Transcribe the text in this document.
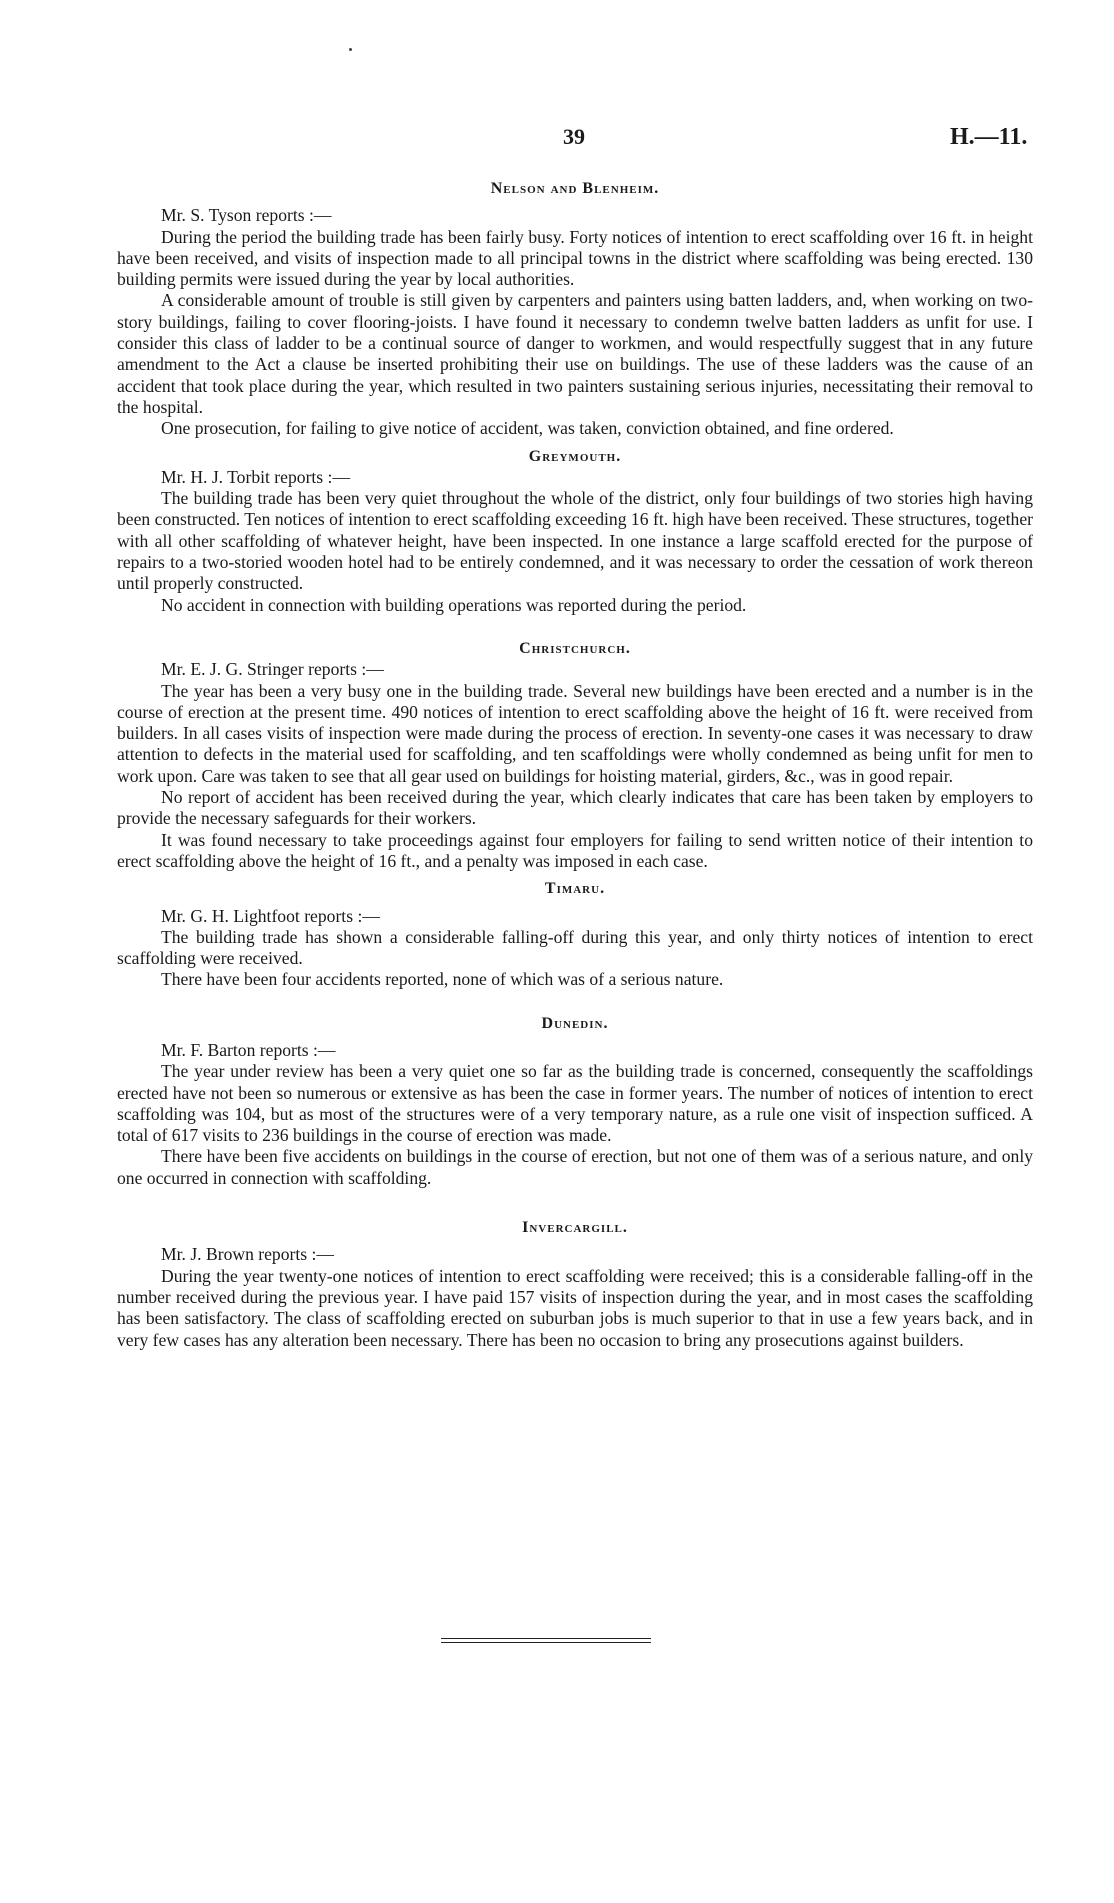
39	H.—11.
Nelson and Blenheim.

Mr. S. Tyson reports :—

During the period the building trade has been fairly busy. Forty notices of intention to erect scaffolding over 16 ft. in height have been received, and visits of inspection made to all principal towns in the district where scaffolding was being erected. 130 building permits were issued during the year by local authorities.

A considerable amount of trouble is still given by carpenters and painters using batten ladders, and, when working on two-story buildings, failing to cover flooring-joists. I have found it necessary to condemn twelve batten ladders as unfit for use. I consider this class of ladder to be a continual source of danger to workmen, and would respectfully suggest that in any future amendment to the Act a clause be inserted prohibiting their use on buildings. The use of these ladders was the cause of an accident that took place during the year, which resulted in two painters sustaining serious injuries, necessitating their removal to the hospital.

One prosecution, for failing to give notice of accident, was taken, conviction obtained, and fine ordered.

Greymouth.

Mr. H. J. Torbit reports :—

The building trade has been very quiet throughout the whole of the district, only four buildings of two stories high having been constructed. Ten notices of intention to erect scaffolding exceeding 16 ft. high have been received. These structures, together with all other scaffolding of whatever height, have been inspected. In one instance a large scaffold erected for the purpose of repairs to a two-storied wooden hotel had to be entirely condemned, and it was necessary to order the cessation of work thereon until properly constructed.

No accident in connection with building operations was reported during the period.

Christchurch.

Mr. E. J. G. Stringer reports :—

The year has been a very busy one in the building trade. Several new buildings have been erected and a number is in the course of erection at the present time. 490 notices of intention to erect scaffolding above the height of 16 ft. were received from builders. In all cases visits of inspection were made during the process of erection. In seventy-one cases it was necessary to draw attention to defects in the material used for scaffolding, and ten scaffoldings were wholly condemned as being unfit for men to work upon. Care was taken to see that all gear used on buildings for hoisting material, girders, &c., was in good repair.

No report of accident has been received during the year, which clearly indicates that care has been taken by employers to provide the necessary safeguards for their workers.

It was found necessary to take proceedings against four employers for failing to send written notice of their intention to erect scaffolding above the height of 16 ft., and a penalty was imposed in each case.

Timaru.

Mr. G. H. Lightfoot reports :—

The building trade has shown a considerable falling-off during this year, and only thirty notices of intention to erect scaffolding were received.

There have been four accidents reported, none of which was of a serious nature.

Dunedin.

Mr. F. Barton reports :—

The year under review has been a very quiet one so far as the building trade is concerned, consequently the scaffoldings erected have not been so numerous or extensive as has been the case in former years. The number of notices of intention to erect scaffolding was 104, but as most of the structures were of a very temporary nature, as a rule one visit of inspection sufficed. A total of 617 visits to 236 buildings in the course of erection was made.

There have been five accidents on buildings in the course of erection, but not one of them was of a serious nature, and only one occurred in connection with scaffolding.

Invercargill.

Mr. J. Brown reports :—

During the year twenty-one notices of intention to erect scaffolding were received; this is a considerable falling-off in the number received during the previous year. I have paid 157 visits of inspection during the year, and in most cases the scaffolding has been satisfactory. The class of scaffolding erected on suburban jobs is much superior to that in use a few years back, and in very few cases has any alteration been necessary. There has been no occasion to bring any prosecutions against builders.
